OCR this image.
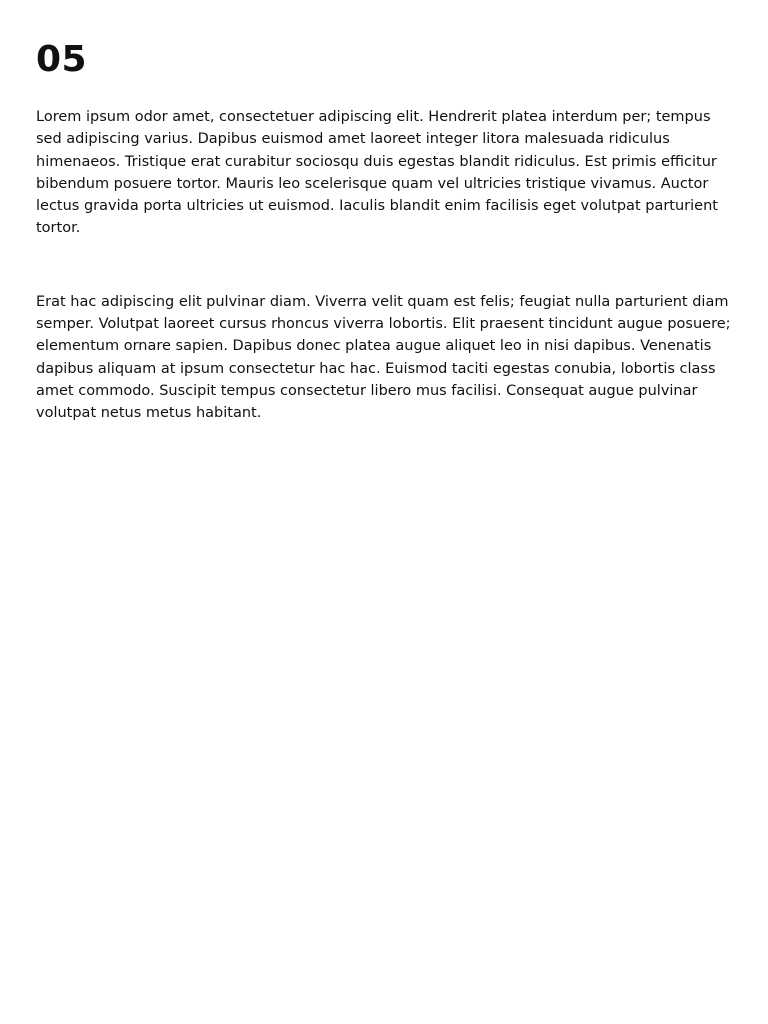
05

Lorem ipsum odor amet, consectetuer adipiscing elit. Hendrerit platea interdum per; tempus sed adipiscing varius. Dapibus euismod amet laoreet integer litora malesuada ridiculus himenaeos. Tristique erat curabitur sociosqu duis egestas blandit ridiculus. Est primis efficitur bibendum posuere tortor. Mauris leo scelerisque quam vel ultricies tristique vivamus. Auctor lectus gravida porta ultricies ut euismod. Iaculis blandit enim facilisis eget volutpat parturient tortor.

Erat hac adipiscing elit pulvinar diam. Viverra velit quam est felis; feugiat nulla parturient diam semper. Volutpat laoreet cursus rhoncus viverra lobortis. Elit praesent tincidunt augue posuere; elementum ornare sapien. Dapibus donec platea augue aliquet leo in nisi dapibus. Venenatis dapibus aliquam at ipsum consectetur hac hac. Euismod taciti egestas conubia, lobortis class amet commodo. Suscipit tempus consectetur libero mus facilisi. Consequat augue pulvinar volutpat netus metus habitant.
